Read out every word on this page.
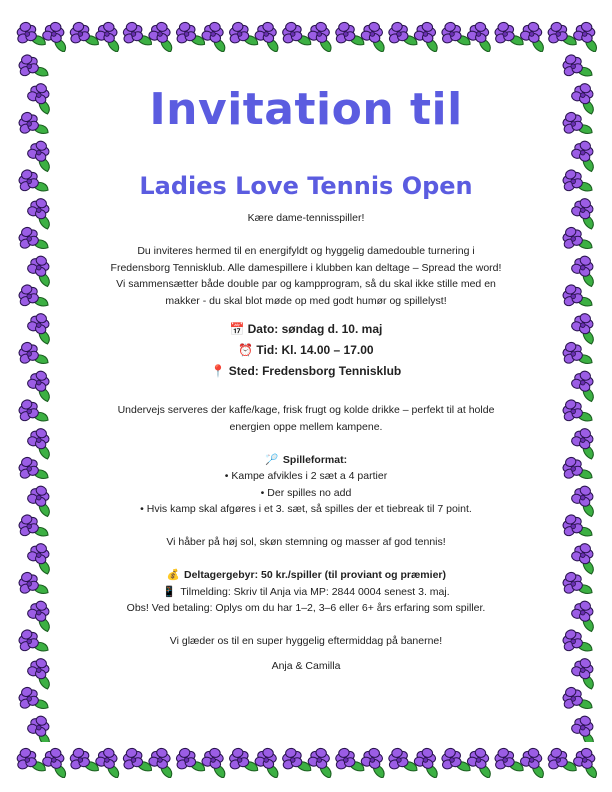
Invitation til
Ladies Love Tennis Open

Kære dame-tennisspiller!

Du inviteres hermed til en energifyldt og hyggelig damedouble turnering i

Fredensborg Tennisklub. Alle damespillere i klubben kan deltage – Spread the word!

Vi sammensætter både double par og kampprogram, så du skal ikke stille med en

makker - du skal blot møde op med godt humør og spillelyst!

📅 Dato: søndag d. 10. maj

⏰ Tid: Kl. 14.00 – 17.00

📍 Sted: Fredensborg Tennisklub

Undervejs serveres der kaffe/kage, frisk frugt og kolde drikke – perfekt til at holde

energien oppe mellem kampene.

🏸 Spilleformat:

• Kampe afvikles i 2 sæt a 4 partier

• Der spilles no add

• Hvis kamp skal afgøres i et 3. sæt, så spilles der et tiebreak til 7 point.

Vi håber på høj sol, skøn stemning og masser af god tennis!

💰 Deltagergebyr: 50 kr./spiller (til proviant og præmier)

📱 Tilmelding: Skriv til Anja via MP: 2844 0004 senest 3. maj.

Obs! Ved betaling: Oplys om du har 1–2, 3–6 eller 6+ års erfaring som spiller.

Vi glæder os til en super hyggelig eftermiddag på banerne!

Anja & Camilla
